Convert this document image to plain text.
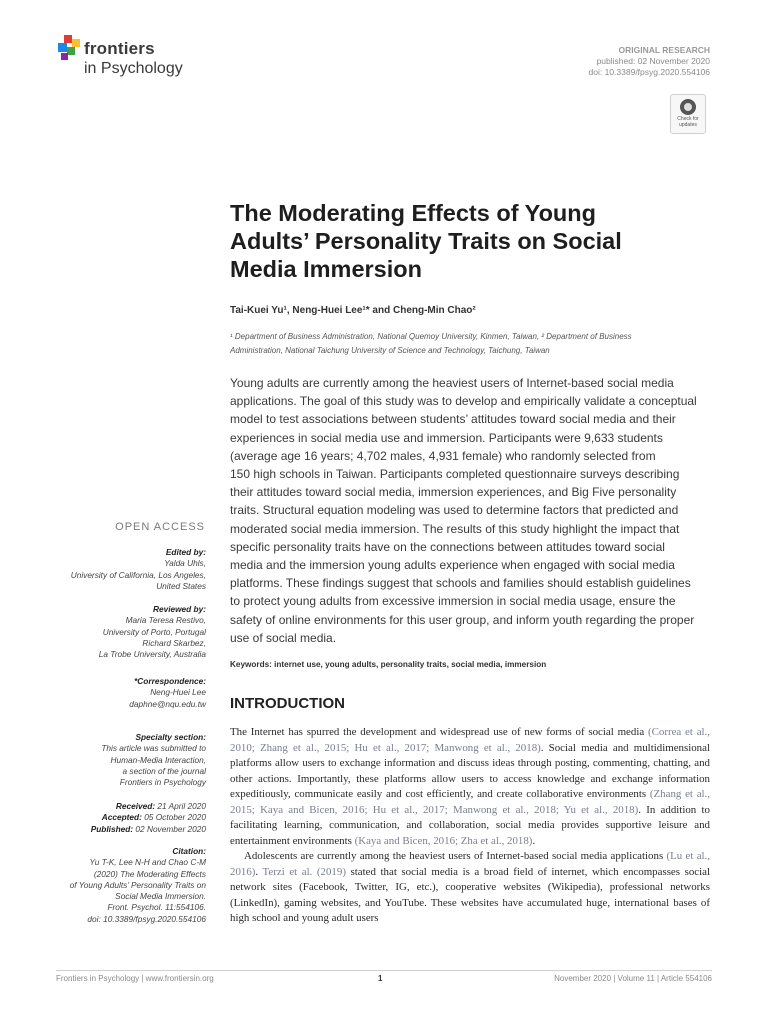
frontiers
in Psychology
ORIGINAL RESEARCH
published: 02 November 2020
doi: 10.3389/fpsyg.2020.554106
Check for updates
The Moderating Effects of Young
Adults’ Personality Traits on Social
Media Immersion
Tai-Kuei Yu¹, Neng-Huei Lee¹* and Cheng-Min Chao²
¹ Department of Business Administration, National Quemoy University, Kinmen, Taiwan, ² Department of Business
Administration, National Taichung University of Science and Technology, Taichung, Taiwan
Young adults are currently among the heaviest users of Internet-based social media
applications. The goal of this study was to develop and empirically validate a conceptual
model to test associations between students’ attitudes toward social media and their
experiences in social media use and immersion. Participants were 9,633 students
(average age 16 years; 4,702 males, 4,931 female) who randomly selected from
150 high schools in Taiwan. Participants completed questionnaire surveys describing
their attitudes toward social media, immersion experiences, and Big Five personality
traits. Structural equation modeling was used to determine factors that predicted and
moderated social media immersion. The results of this study highlight the impact that
specific personality traits have on the connections between attitudes toward social
media and the immersion young adults experience when engaged with social media
platforms. These findings suggest that schools and families should establish guidelines
to protect young adults from excessive immersion in social media usage, ensure the
safety of online environments for this user group, and inform youth regarding the proper
use of social media.
Keywords: internet use, young adults, personality traits, social media, immersion
OPEN ACCESS
Edited by:
Yalda Uhls,
University of California, Los Angeles,
United States
Reviewed by:
Maria Teresa Restivo,
University of Porto, Portugal
Richard Skarbez,
La Trobe University, Australia
*Correspondence:
Neng-Huei Lee
daphne@nqu.edu.tw
Specialty section:
This article was submitted to
Human-Media Interaction,
a section of the journal
Frontiers in Psychology
Received: 21 April 2020
Accepted: 05 October 2020
Published: 02 November 2020
Citation:
Yu T-K, Lee N-H and Chao C-M
(2020) The Moderating Effects
of Young Adults’ Personality Traits on
Social Media Immersion.
Front. Psychol. 11:554106.
doi: 10.3389/fpsyg.2020.554106
INTRODUCTION

The Internet has spurred the development and widespread use of new forms of social media (Correa et al., 2010; Zhang et al., 2015; Hu et al., 2017; Manwong et al., 2018). Social media and multidimensional platforms allow users to exchange information and discuss ideas through posting, commenting, chatting, and other actions. Importantly, these platforms allow users to access knowledge and exchange information expeditiously, communicate easily and cost efficiently, and create collaborative environments (Zhang et al., 2015; Kaya and Bicen, 2016; Hu et al., 2017; Manwong et al., 2018; Yu et al., 2018). In addition to facilitating learning, communication, and collaboration, social media provides supportive leisure and entertainment environments (Kaya and Bicen, 2016; Zha et al., 2018).

Adolescents are currently among the heaviest users of Internet-based social media applications (Lu et al., 2016). Terzi et al. (2019) stated that social media is a broad field of internet, which encompasses social network sites (Facebook, Twitter, IG, etc.), cooperative websites (Wikipedia), professional networks (LinkedIn), gaming websites, and YouTube. These websites have accumulated huge, international bases of high school and young adult users

Frontiers in Psychology | www.frontiersin.org	1	November 2020 | Volume 11 | Article 554106
